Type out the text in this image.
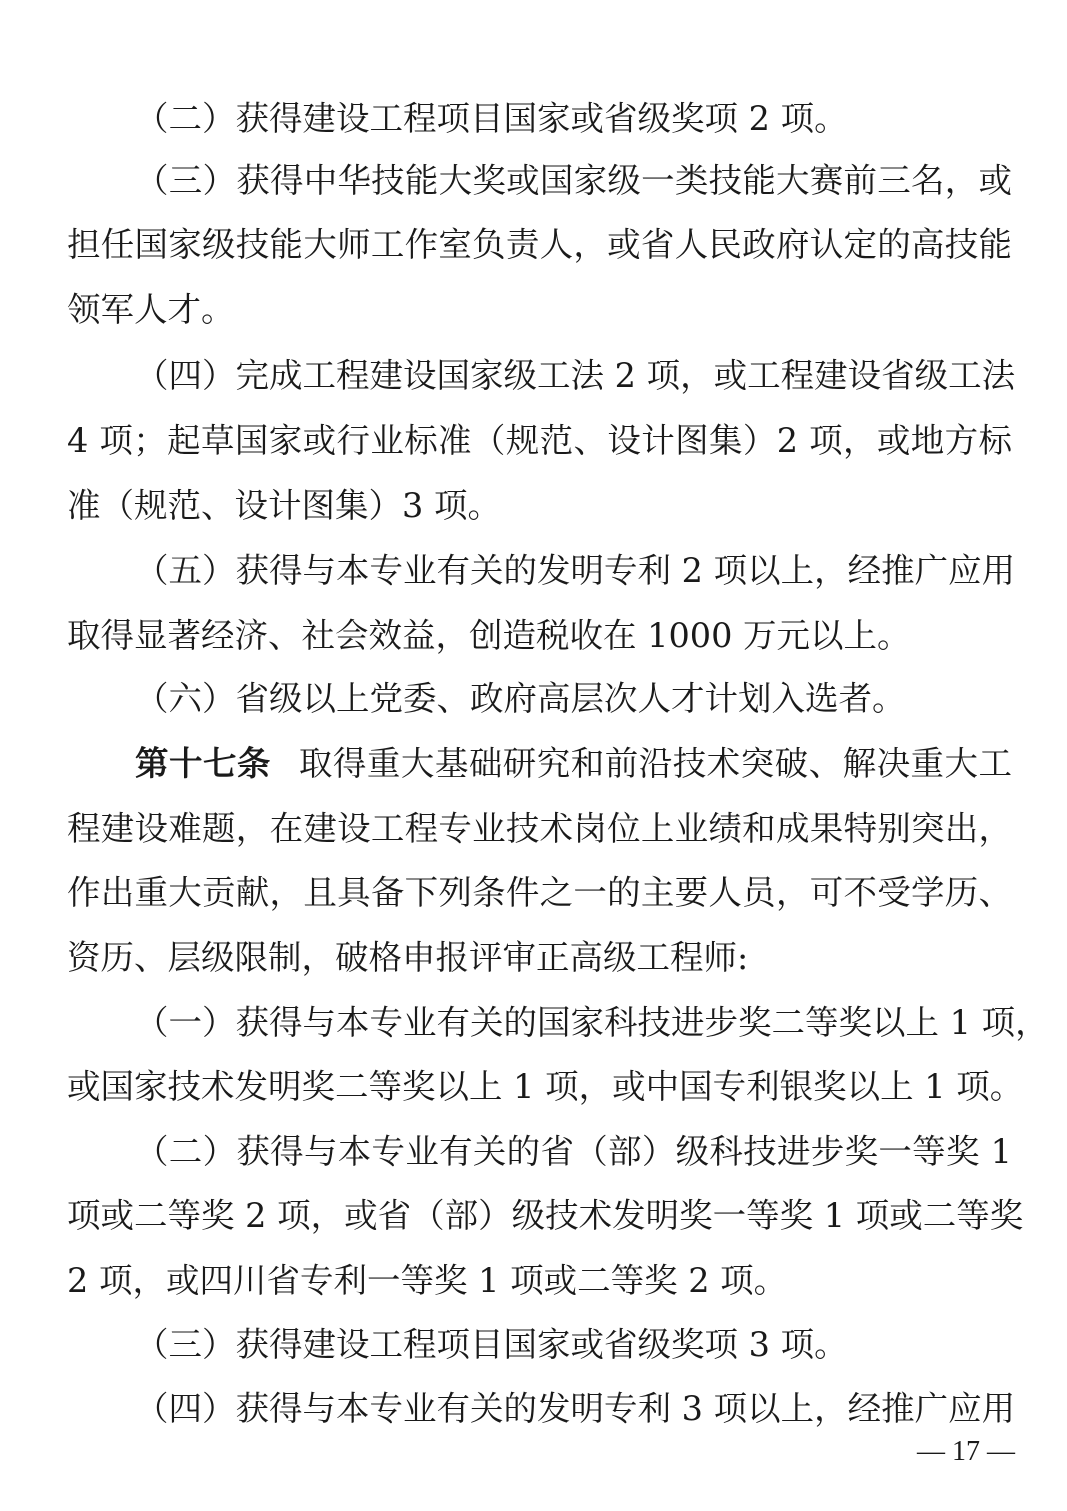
（二）获得建设工程项目国家或省级奖项 2 项。
（三）获得中华技能大奖或国家级一类技能大赛前三名，或
担任国家级技能大师工作室负责人，或省人民政府认定的高技能
领军人才。
（四）完成工程建设国家级工法 2 项，或工程建设省级工法
4 项；起草国家或行业标准（规范、设计图集）2 项，或地方标
准（规范、设计图集）3 项。
（五）获得与本专业有关的发明专利 2 项以上，经推广应用
取得显著经济、社会效益，创造税收在 1000 万元以上。
（六）省级以上党委、政府高层次人才计划入选者。
第十七条 取得重大基础研究和前沿技术突破、解决重大工
程建设难题，在建设工程专业技术岗位上业绩和成果特别突出，
作出重大贡献，且具备下列条件之一的主要人员，可不受学历、
资历、层级限制，破格申报评审正高级工程师:
（一）获得与本专业有关的国家科技进步奖二等奖以上 1 项，
或国家技术发明奖二等奖以上 1 项，或中国专利银奖以上 1 项。
（二）获得与本专业有关的省（部）级科技进步奖一等奖 1
项或二等奖 2 项，或省（部）级技术发明奖一等奖 1 项或二等奖
2 项，或四川省专利一等奖 1 项或二等奖 2 项。
（三）获得建设工程项目国家或省级奖项 3 项。
（四）获得与本专业有关的发明专利 3 项以上，经推广应用
— 17 —
